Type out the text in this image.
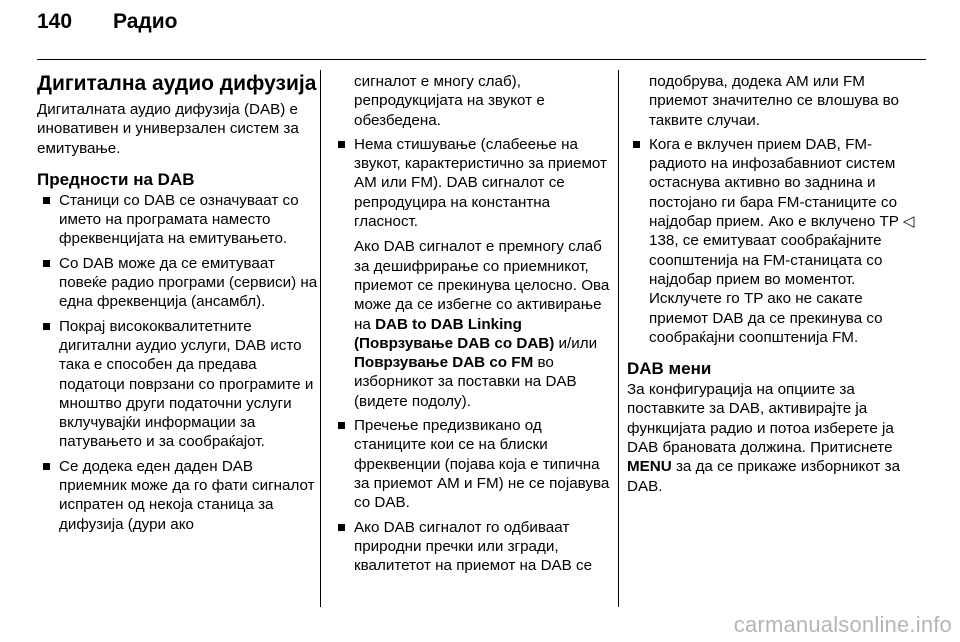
140 Радио
Дигитална аудио дифузија

Дигиталната аудио дифузија (DAB) е иновативен и универзален систем за емитување.

Предности на DAB
Станици со DAB се означуваат со името на програмата наместо фреквенцијата на емитувањето.
Со DAB може да се емитуваат повеќе радио програми (сервиси) на една фреквенција (ансамбл).
Покрај висококвалитетните дигитални аудио услуги, DAB исто така е способен да предава податоци поврзани со програмите и мноштво други податочни услуги вклучувајќи информации за патувањето и за сообраќајот.
Се додека еден даден DAB приемник може да го фати сигналот испратен од некоја станица за дифузија (дури ако
сигналот е многу слаб), репродукцијата на звукот е обезбедена.
Нема стишување (слабеење на звукот, карактеристично за приемот AM или FM). DAB сигналот се репродуцира на константна гласност.
Ако DAB сигналот е премногу слаб за дешифрирање со приемникот, приемот се прекинува целосно. Ова може да се избегне со активирање на DAB to DAB Linking (Поврзување DAB со DAB) и/или Поврзување DAB со FM во изборникот за поставки на DAB (видете подолу).
Пречење предизвикано од станиците кои се на блиски фреквенции (појава која е типична за приемот AM и FM) не се појавува со DAB.
Ако DAB сигналот го одбиваат природни пречки или згради, квалитетот на приемот на DAB се
подобрува, додека AM или FM приемот значително се влошува во таквите случаи.
Кога е вклучен прием DAB, FM-радиото на инфозабавниот систем остаснува активно во заднина и постојано ги бара FM-станиците со најдобар прием. Ако е вклучено TP ◁ 138, се емитуваат сообраќајните соопштенија на FM-станицата со најдобар прием во моментот. Исклучете го TP ако не сакате приемот DAB да се прекинува со сообраќајни соопштенија FM.
DAB мени

За конфигурација на опциите за поставките за DAB, активирајте ја функцијата радио и потоа изберете ја DAB брановата должина. Притиснете MENU за да се прикаже изборникот за DAB.

carmanualsonline.info
